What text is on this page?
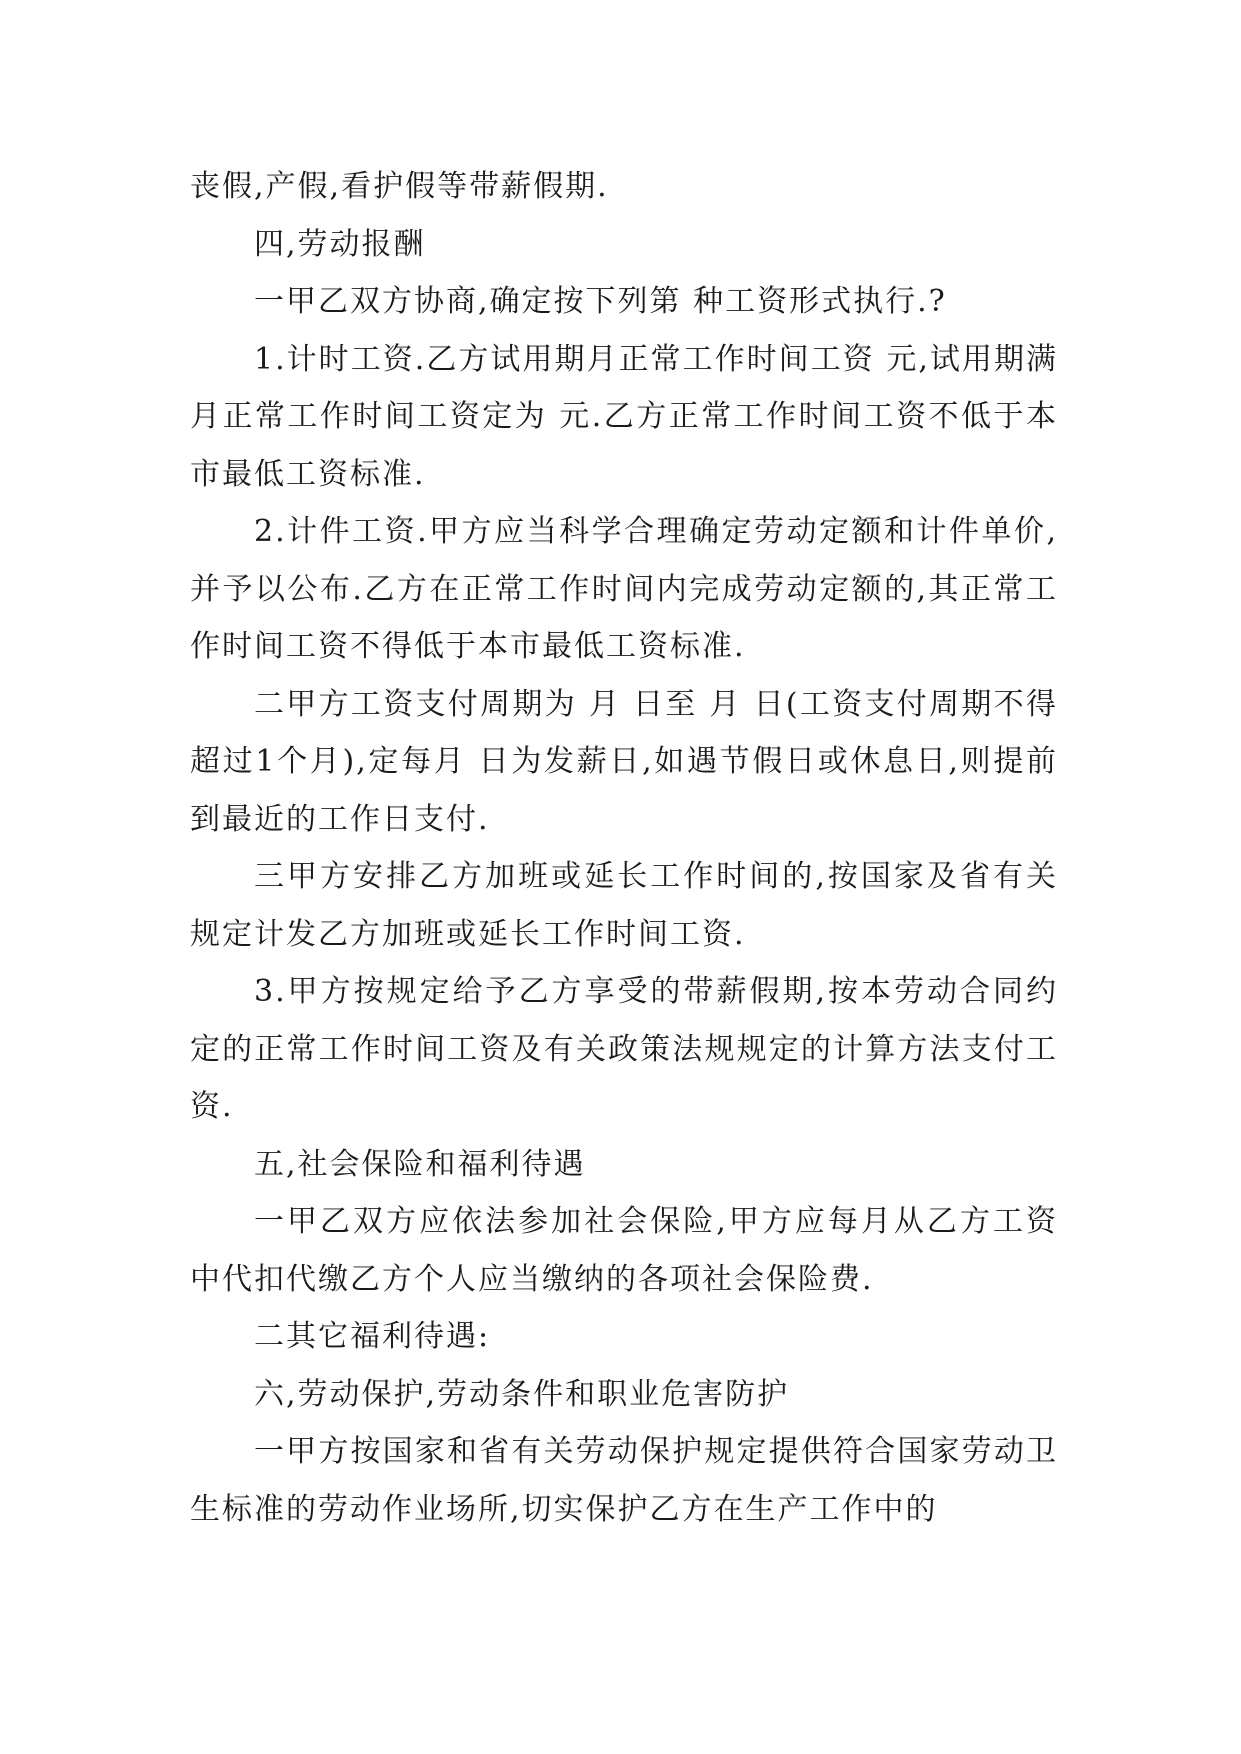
丧假,产假,看护假等带薪假期.

四,劳动报酬

一甲乙双方协商,确定按下列第 种工资形式执行.?

1.计时工资.乙方试用期月正常工作时间工资 元,试用期满月正常工作时间工资定为 元.乙方正常工作时间工资不低于本市最低工资标准.

2.计件工资.甲方应当科学合理确定劳动定额和计件单价,并予以公布.乙方在正常工作时间内完成劳动定额的,其正常工作时间工资不得低于本市最低工资标准.

二甲方工资支付周期为 月 日至 月 日(工资支付周期不得超过1个月),定每月 日为发薪日,如遇节假日或休息日,则提前到最近的工作日支付.

三甲方安排乙方加班或延长工作时间的,按国家及省有关规定计发乙方加班或延长工作时间工资.

3.甲方按规定给予乙方享受的带薪假期,按本劳动合同约定的正常工作时间工资及有关政策法规规定的计算方法支付工资.

五,社会保险和福利待遇

一甲乙双方应依法参加社会保险,甲方应每月从乙方工资中代扣代缴乙方个人应当缴纳的各项社会保险费.

二其它福利待遇:

六,劳动保护,劳动条件和职业危害防护

一甲方按国家和省有关劳动保护规定提供符合国家劳动卫生标准的劳动作业场所,切实保护乙方在生产工作中的
